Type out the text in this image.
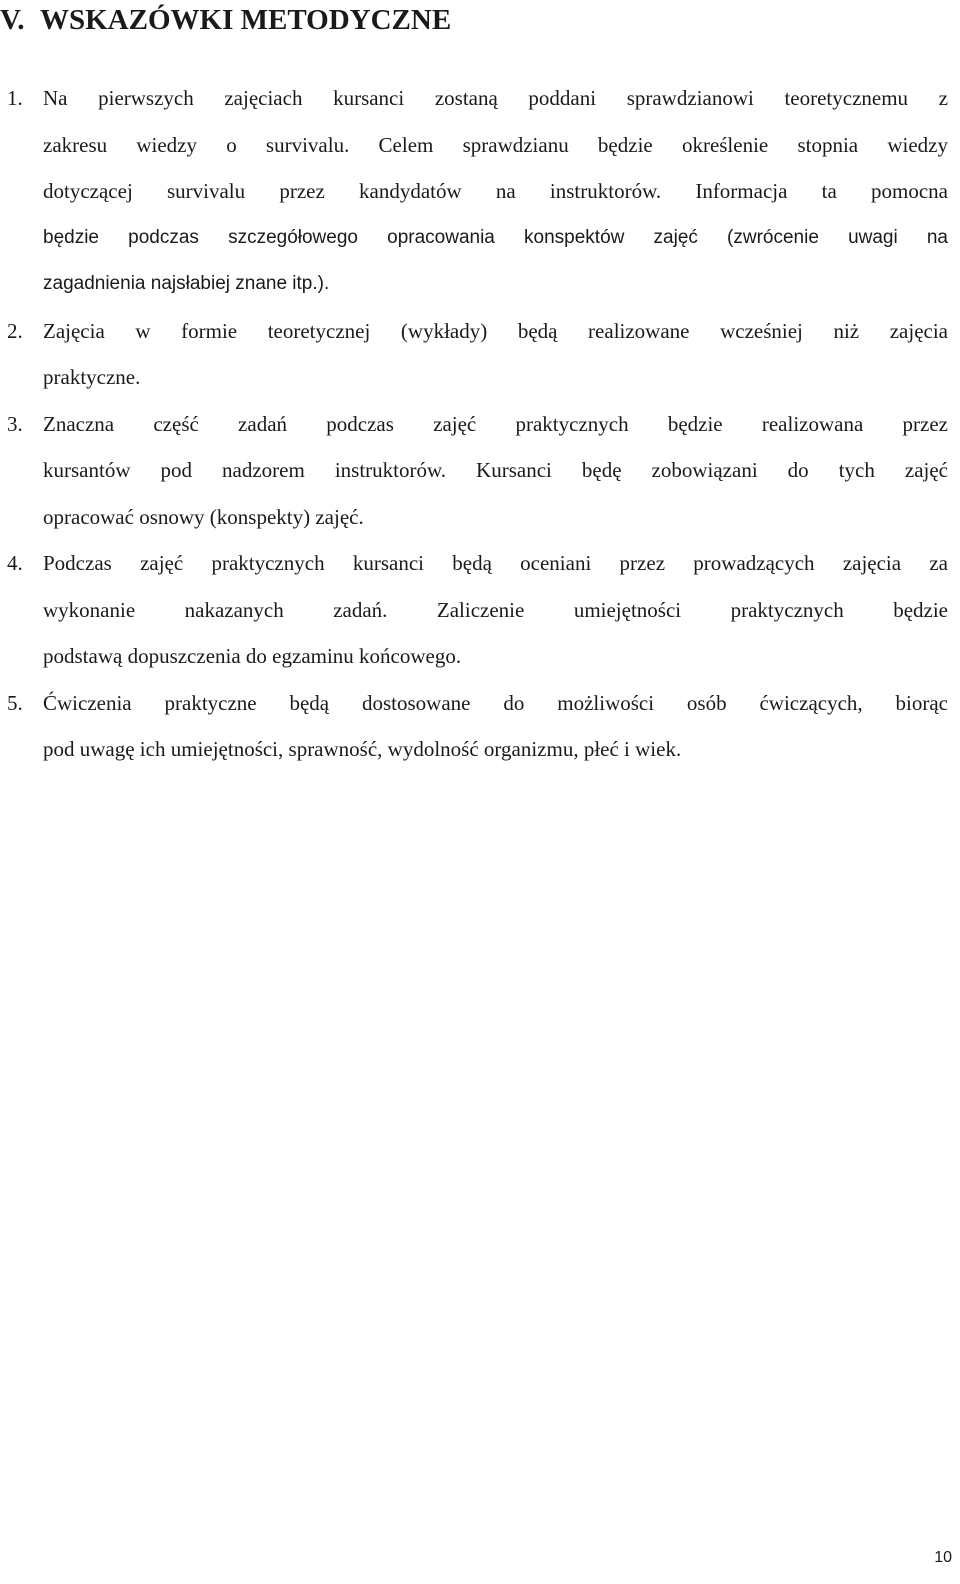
V. WSKAZÓWKI METODYCZNE
1. Na pierwszych zajęciach kursanci zostaną poddani sprawdzianowi teoretycznemu z
zakresu wiedzy o survivalu. Celem sprawdzianu będzie określenie stopnia wiedzy
dotyczącej survivalu przez kandydatów na instruktorów. Informacja ta pomocna
będzie podczas szczegółowego opracowania konspektów zajęć (zwrócenie uwagi na
zagadnienia najsłabiej znane itp.).
2. Zajęcia w formie teoretycznej (wykłady) będą realizowane wcześniej niż zajęcia
praktyczne.
3. Znaczna część zadań podczas zajęć praktycznych będzie realizowana przez
kursantów pod nadzorem instruktorów. Kursanci będę zobowiązani do tych zajęć
opracować osnowy (konspekty) zajęć.
4. Podczas zajęć praktycznych kursanci będą oceniani przez prowadzących zajęcia za
wykonanie nakazanych zadań. Zaliczenie umiejętności praktycznych będzie
podstawą dopuszczenia do egzaminu końcowego.
5. Ćwiczenia praktyczne będą dostosowane do możliwości osób ćwiczących, biorąc
pod uwagę ich umiejętności, sprawność, wydolność organizmu, płeć i wiek.
10
